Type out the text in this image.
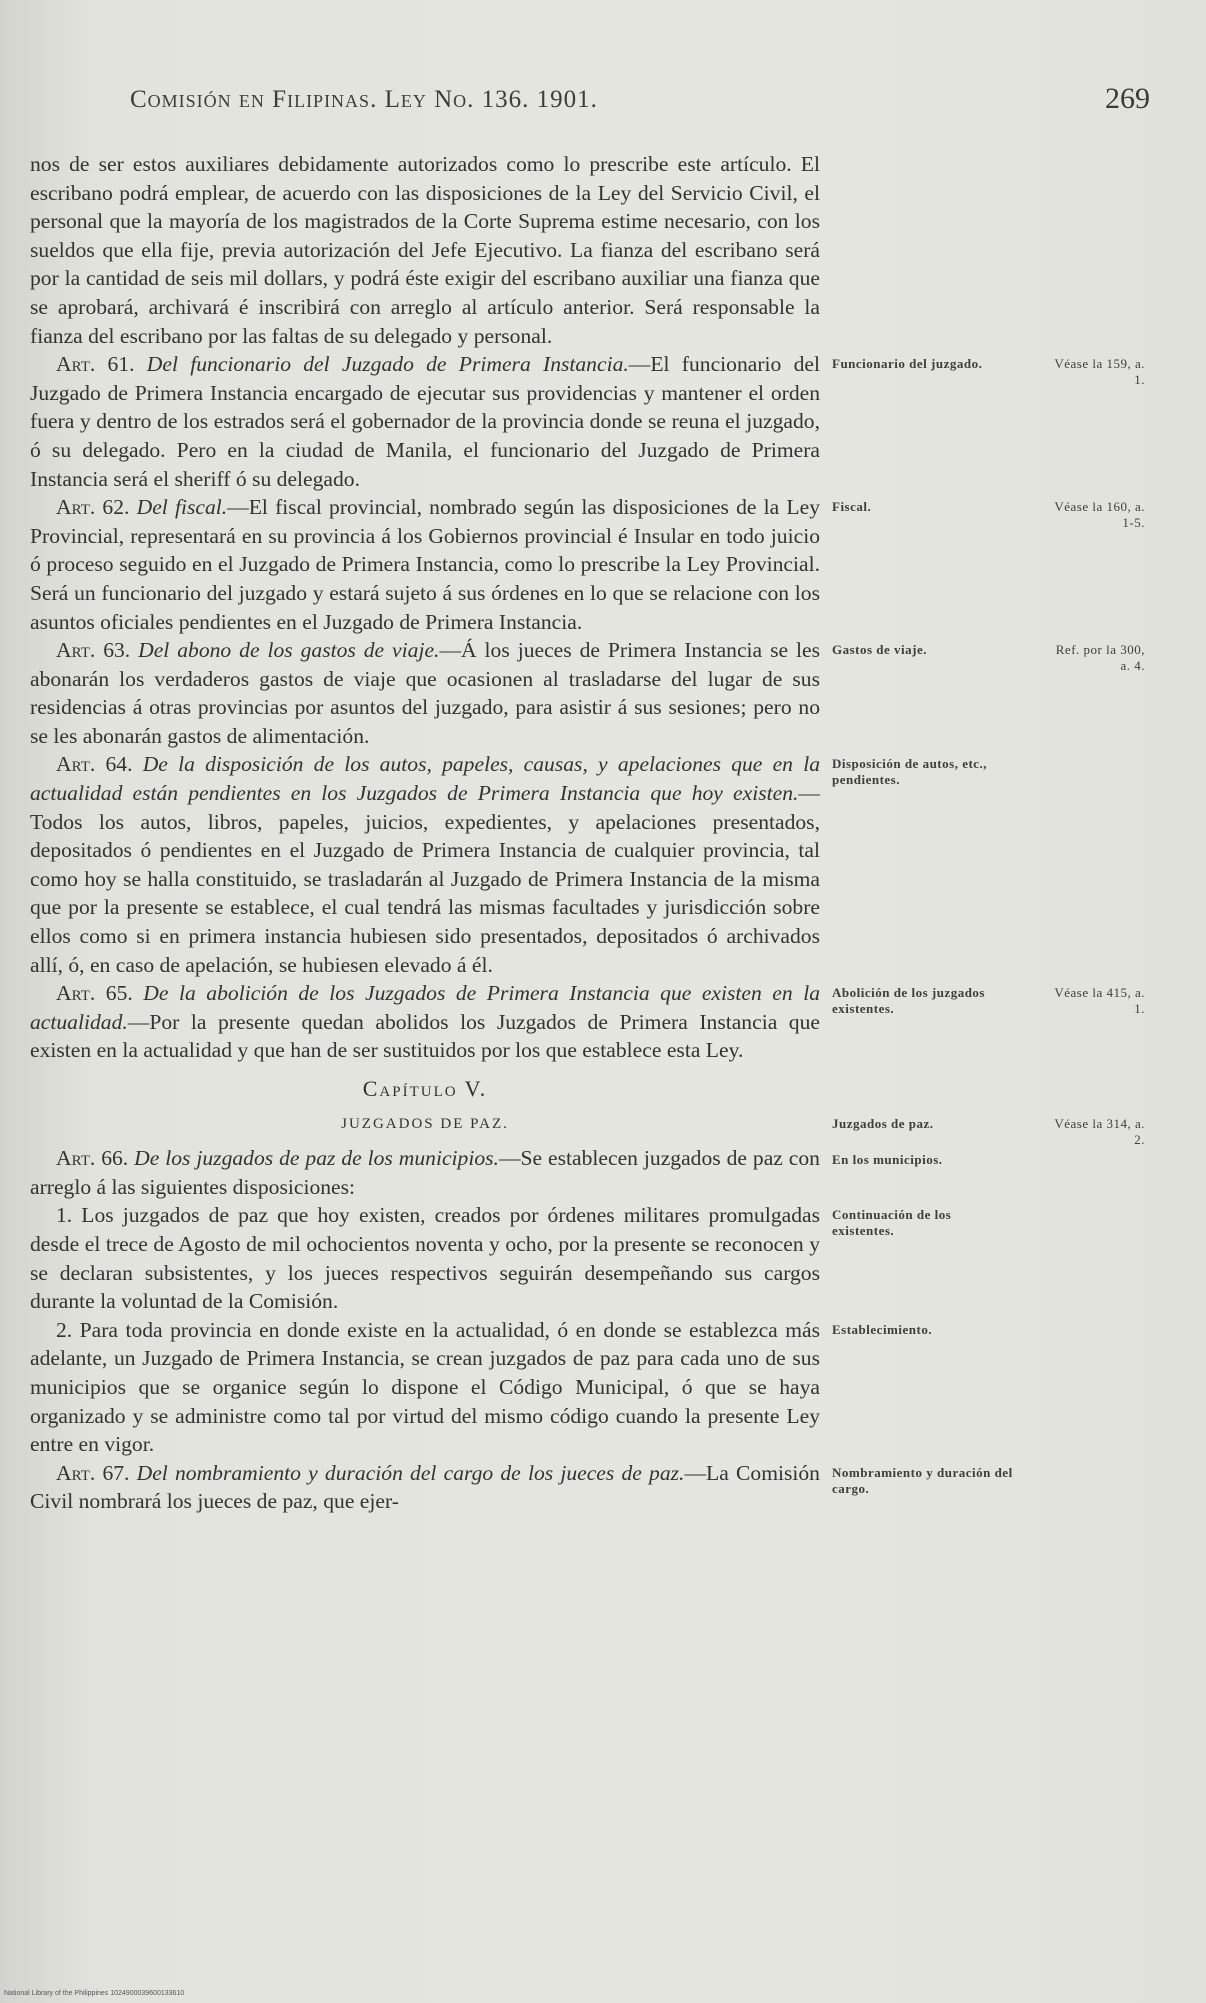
Comisión en Filipinas. Ley No. 136. 1901.	269

nos de ser estos auxiliares debidamente autorizados como lo prescribe este artículo. El escribano podrá emplear, de acuerdo con las disposiciones de la Ley del Servicio Civil, el personal que la mayoría de los magistrados de la Corte Suprema estime necesario, con los sueldos que ella fije, previa autorización del Jefe Ejecutivo. La fianza del escribano será por la cantidad de seis mil dollars, y podrá éste exigir del escribano auxiliar una fianza que se aprobará, archivará é inscribirá con arreglo al artículo anterior. Será responsable la fianza del escribano por las faltas de su delegado y personal.

Art. 61. Del funcionario del Juzgado de Primera Instancia.—El funcionario del Juzgado de Primera Instancia encargado de ejecutar sus providencias y mantener el orden fuera y dentro de los estrados será el gobernador de la provincia donde se reuna el juzgado, ó su delegado. Pero en la ciudad de Manila, el funcionario del Juzgado de Primera Instancia será el sheriff ó su delegado.

Art. 62. Del fiscal.—El fiscal provincial, nombrado según las disposiciones de la Ley Provincial, representará en su provincia á los Gobiernos provincial é Insular en todo juicio ó proceso seguido en el Juzgado de Primera Instancia, como lo prescribe la Ley Provincial. Será un funcionario del juzgado y estará sujeto á sus órdenes en lo que se relacione con los asuntos oficiales pendientes en el Juzgado de Primera Instancia.

Art. 63. Del abono de los gastos de viaje.—Á los jueces de Primera Instancia se les abonarán los verdaderos gastos de viaje que ocasionen al trasladarse del lugar de sus residencias á otras provincias por asuntos del juzgado, para asistir á sus sesiones; pero no se les abonarán gastos de alimentación.

Art. 64. De la disposición de los autos, papeles, causas, y apelaciones que en la actualidad están pendientes en los Juzgados de Primera Instancia que hoy existen.—Todos los autos, libros, papeles, juicios, expedientes, y apelaciones presentados, depositados ó pendientes en el Juzgado de Primera Instancia de cualquier provincia, tal como hoy se halla constituido, se trasladarán al Juzgado de Primera Instancia de la misma que por la presente se establece, el cual tendrá las mismas facultades y jurisdicción sobre ellos como si en primera instancia hubiesen sido presentados, depositados ó archivados allí, ó, en caso de apelación, se hubiesen elevado á él.

Art. 65. De la abolición de los Juzgados de Primera Instancia que existen en la actualidad.—Por la presente quedan abolidos los Juzgados de Primera Instancia que existen en la actualidad y que han de ser sustituidos por los que establece esta Ley.

Capítulo V.

JUZGADOS DE PAZ.

Art. 66. De los juzgados de paz de los municipios.—Se establecen juzgados de paz con arreglo á las siguientes disposiciones:

1. Los juzgados de paz que hoy existen, creados por órdenes militares promulgadas desde el trece de Agosto de mil ochocientos noventa y ocho, por la presente se reconocen y se declaran subsistentes, y los jueces respectivos seguirán desempeñando sus cargos durante la voluntad de la Comisión.

2. Para toda provincia en donde existe en la actualidad, ó en donde se establezca más adelante, un Juzgado de Primera Instancia, se crean juzgados de paz para cada uno de sus municipios que se organice según lo dispone el Código Municipal, ó que se haya organizado y se administre como tal por virtud del mismo código cuando la presente Ley entre en vigor.

Art. 67. Del nombramiento y duración del cargo de los jueces de paz.—La Comisión Civil nombrará los jueces de paz, que ejer-

Funcionario del juzgado.	Véase la 159, a. 1.
Fiscal.	Véase la 160, a. 1-5.
Gastos de viaje.	Ref. por la 300, a. 4.
Disposición de autos, etc., pendientes.
Abolición de los juzgados existentes.
Véase la 415, a. 1.
Juzgados de paz.	Véase la 314, a. 2.
En los municipios.
Continuación de los existentes.
Establecimiento.
Nombramiento y duración del cargo.
National Library of the Philippines 1024900039600133610
